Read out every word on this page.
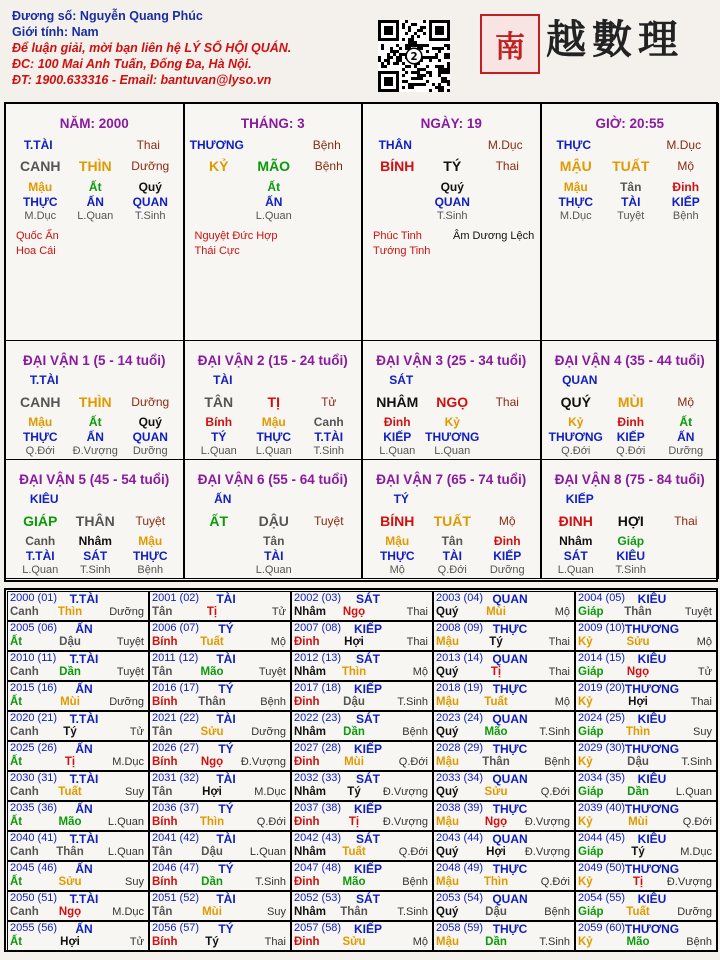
Đương số: Nguyễn Quang Phúc
Giới tính: Nam
Để luận giải, mời bạn liên hệ LÝ SỐ HỘI QUÁN.
ĐC: 100 Mai Anh Tuấn, Đống Đa, Hà Nội.
ĐT: 1900.633316 - Email: bantuvan@lyso.vn
2	南 越數理
NĂM: 2000
T.TÀI	Thai
CANH THÌN Dưỡng
Mậu	Ất	Quý
THỰC ẤN QUAN
M.Dục L.Quan T.Sinh
Quốc Ấn
Hoa Cái
THÁNG: 3
THƯƠNG	Bệnh
KỶ MÃO Bệnh
Ất
ẤN
L.Quan
Nguyệt Đức Hợp
Thái Cực
NGÀY: 19
THÂN	M.Dục
BÍNH TÝ	Thai
Quý
QUAN
T.Sinh
Phúc Tinh
Tướng Tinh
Âm Dương Lệch
GIỜ: 20:55
THỰC	M.Dục
MẬU TUẤT Mộ
Mậu	Tân	Đinh
THỰC TÀI	KIẾP
M.Dục Tuyệt	Bệnh
ĐẠI VẬN 1 (5 - 14 tuổi)
T.TÀI
CANH THÌN Dưỡng
Mậu	Ất	Quý
THỰC ẤN QUAN
Q.Đới Đ.Vượng Dưỡng
ĐẠI VẬN 2 (15 - 24 tuổi)
TÀI
TÂN TỊ	Tử
Bính Mậu Canh
TÝ	THỰC T.TÀI
L.Quan L.Quan T.Sinh
ĐẠI VẬN 3 (25 - 34 tuổi)
SÁT
NHÂM NGỌ Thai
Đinh	Kỷ
KIẾP THƯƠNG
L.Quan L.Quan
ĐẠI VẬN 4 (35 - 44 tuổi)
QUAN
QUÝ MÙI	Mộ
Kỷ	Đinh	Ất
THƯƠNG KIẾP	ẤN
Q.Đới Q.Đới Dưỡng
ĐẠI VẬN 5 (45 - 54 tuổi)
KIÊU
GIÁP THÂN Tuyệt
Canh Nhâm Mậu
T.TÀI SÁT THỰC
L.Quan T.Sinh Bệnh
ĐẠI VẬN 6 (55 - 64 tuổi)
ẤN
ẤT DẬU Tuyệt
Tân
TÀI
L.Quan
ĐẠI VẬN 7 (65 - 74 tuổi)
TÝ
BÍNH TUẤT Mộ
Mậu	Tân	Đinh
THỰC TÀI	KIẾP
Mộ	Q.Đới Dưỡng
ĐẠI VẬN 8 (75 - 84 tuổi)
KIẾP
ĐINH HỢI	Thai
Nhâm Giáp
SÁT KIÊU
L.Quan T.Sinh
2000 (01) T.TÀI
Canh Thìn Dưỡng
2001 (02) TÀI
Tân	Tị	Tử
2002 (03) SÁT
Nhâm Ngọ	Thai
2003 (04) QUAN
Quý Mùi	Mộ
2004 (05) KIÊU
Giáp Thân	Tuyệt
2005 (06) ẤN
Ất	Dậu	Tuyệt
2006 (07) TÝ
Bính Tuất	Mộ
2007 (08) KIẾP
Đinh Hợi	Thai
2008 (09) THỰC
Mậu	Tý	Thai
2009 (10) THƯƠNG
Kỷ	Sửu	Mộ
2010 (11) T.TÀI
Canh Dần	Tuyệt
2011 (12) TÀI
Tân Mão	Tuyệt
2012 (13) SÁT
Nhâm Thìn	Mộ
2013 (14) QUAN
Quý	Tị	Thai
2014 (15) KIÊU
Giáp Ngọ	Tử
2015 (16) ẤN
Ất	Mùi	Dưỡng
2016 (17) TÝ
Bính Thân	Bệnh
2017 (18) KIẾP
Đinh Dậu	T.Sinh
2018 (19) THỰC
Mậu Tuất	Mộ
2019 (20) THƯƠNG
Kỷ	Hợi	Thai
2020 (21) T.TÀI
Canh Tý	Tử
2021 (22) TÀI
Tân Sửu	Dưỡng
2022 (23) SÁT
Nhâm Dần	Bệnh
2023 (24) QUAN
Quý Mão	T.Sinh
2024 (25) KIÊU
Giáp Thìn	Suy
2025 (26) ẤN
Ất	Tị	M.Dục
2026 (27) TÝ
Bính Ngọ Đ.Vượng
2027 (28) KIẾP
Đinh Mùi	Q.Đới
2028 (29) THỰC
Mậu Thân	Bệnh
2029 (30) THƯƠNG
Kỷ	Dậu	T.Sinh
2030 (31) T.TÀI
Canh Tuất	Suy
2031 (32) TÀI
Tân	Hợi	M.Dục
2032 (33) SÁT
Nhâm Tý Đ.Vượng
2033 (34) QUAN
Quý Sửu	Q.Đới
2034 (35) KIÊU
Giáp Dần L.Quan
2035 (36) ẤN
Ất	Mão L.Quan
2036 (37) TÝ
Bính Thìn	Q.Đới
2037 (38) KIẾP
Đinh	Tị Đ.Vượng
2038 (39) THỰC
Mậu Ngọ Đ.Vượng
2039 (40) THƯƠNG
Kỷ	Mùi	Q.Đới
2040 (41) T.TÀI
Canh Thân L.Quan
2041 (42) TÀI
Tân Dậu L.Quan
2042 (43) SÁT
Nhâm Tuất	Q.Đới
2043 (44) QUAN
Quý Hợi Đ.Vượng
2044 (45) KIÊU
Giáp Tý	M.Dục
2045 (46) ẤN
Ất	Sửu	Suy
2046 (47) TÝ
Bính Dần	T.Sinh
2047 (48) KIẾP
Đinh Mão	Bệnh
2048 (49) THỰC
Mậu Thìn	Q.Đới
2049 (50) THƯƠNG
Kỷ	Tị Đ.Vượng
2050 (51) T.TÀI
Canh Ngọ	M.Dục
2051 (52) TÀI
Tân	Mùi	Suy
2052 (53) SÁT
Nhâm Thân	T.Sinh
2053 (54) QUAN
Quý Dậu	Bệnh
2054 (55) KIÊU
Giáp Tuất	Dưỡng
2055 (56) ẤN
Ất	Hợi	Tử
2056 (57) TÝ
Bính Tý	Thai
2057 (58) KIẾP
Đinh Sửu	Mộ
2058 (59) THỰC
Mậu Dần	T.Sinh
2059 (60) THƯƠNG
Kỷ	Mão	Bệnh
